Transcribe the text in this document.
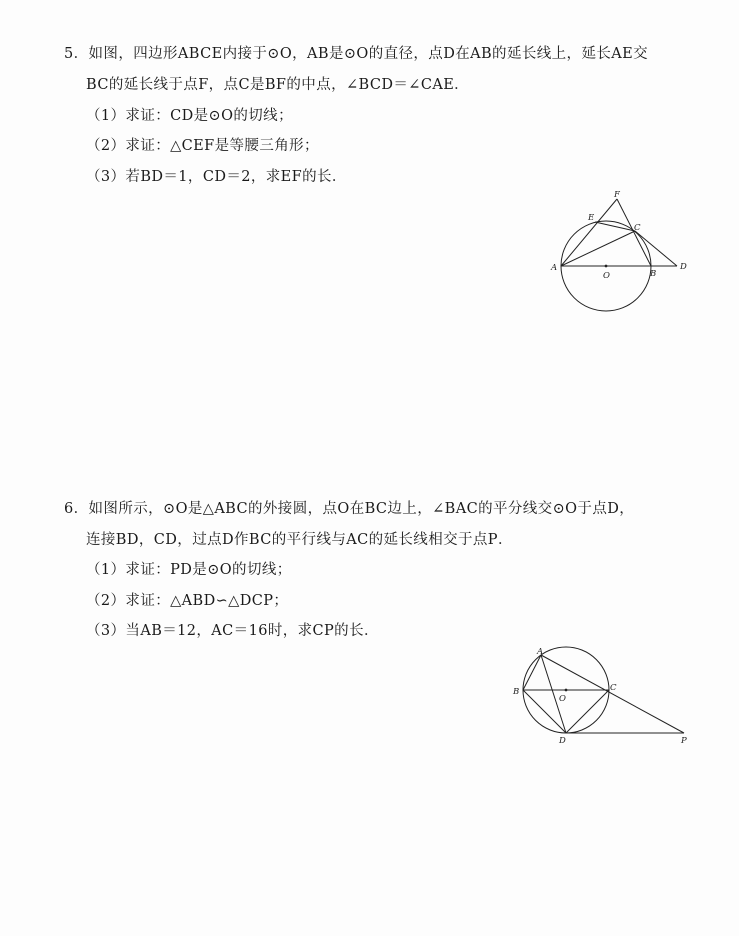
5．如图，四边形ABCE内接于⊙O，AB是⊙O的直径，点D在AB的延长线上，延长AE交
BC的延长线于点F，点C是BF的中点，∠BCD＝∠CAE．
（1）求证：CD是⊙O的切线；
（2）求证：△CEF是等腰三角形；
（3）若BD＝1，CD＝2，求EF的长．
F
E
C
A
O	B
D
6．如图所示，⊙O是△ABC的外接圆，点O在BC边上，∠BAC的平分线交⊙O于点D，
连接BD，CD，过点D作BC的平行线与AC的延长线相交于点P．
（1）求证：PD是⊙O的切线；
（2）求证：△ABD∽△DCP；
（3）当AB＝12，AC＝16时，求CP的长．
A
B
O
C
D	P
